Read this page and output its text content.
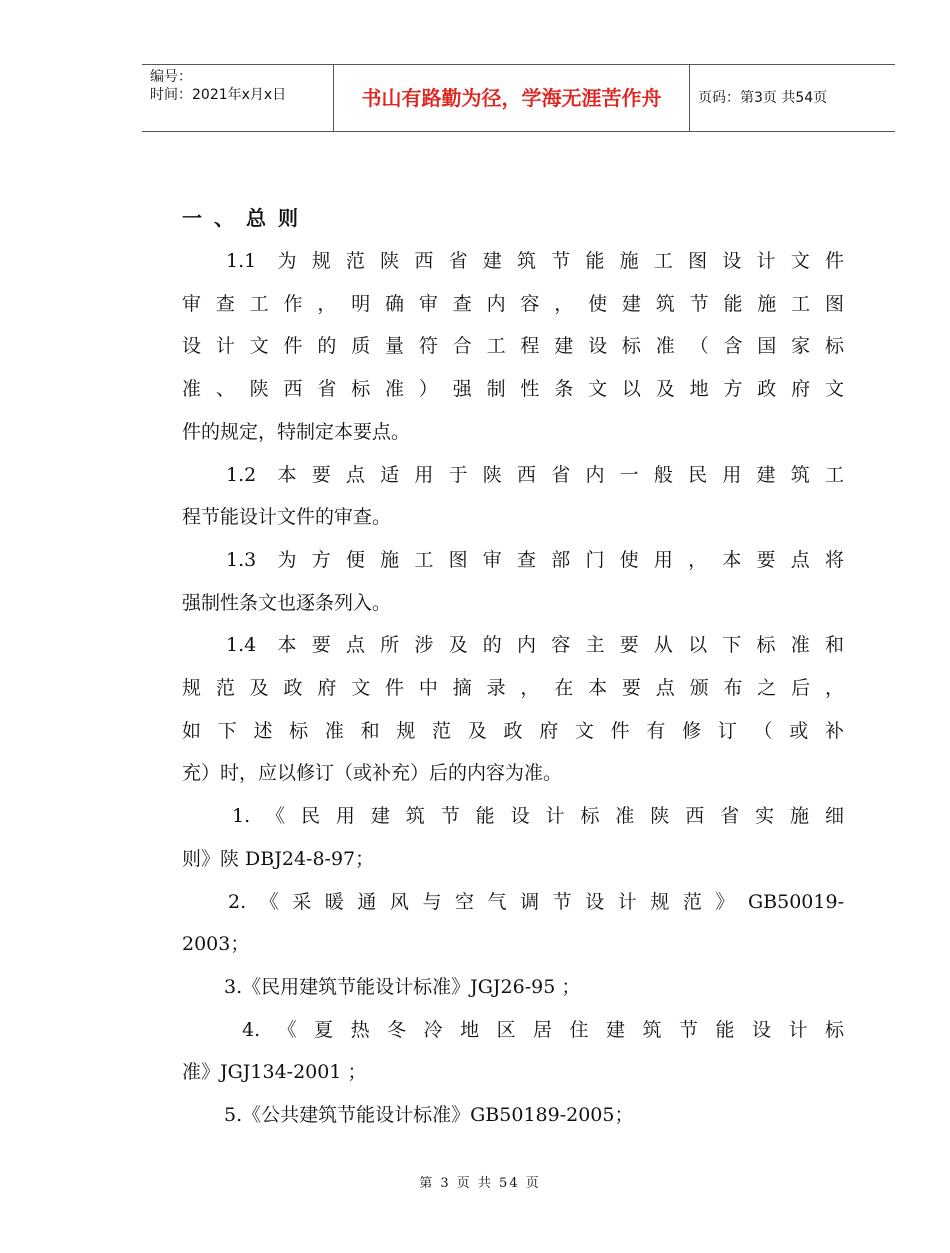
编号：
时间：2021年x月x日	书山有路勤为径，学海无涯苦作舟	页码：第3页 共54页
一、总则
1.1 为规范陕西省建筑节能施工图设计文件
审查工作，明确审查内容，使建筑节能施工图
设计文件的质量符合工程建设标准（含国家标
准、陕西省标准）强制性条文以及地方政府文
件的规定，特制定本要点。
1.2 本要点适用于陕西省内一般民用建筑工
程节能设计文件的审查。
1.3 为方便施工图审查部门使用，本要点将
强制性条文也逐条列入。
1.4 本要点所涉及的内容主要从以下标准和
规范及政府文件中摘录，在本要点颁布之后，
如下述标准和规范及政府文件有修订（或补
充）时，应以修订（或补充）后的内容为准。
1.《民用建筑节能设计标准陕西省实施细
则》陕 DBJ24-8-97；
2.《采暖通风与空气调节设计规范》GB50019-
2003；
3.《民用建筑节能设计标准》JGJ26-95 ；
4.《夏热冬冷地区居住建筑节能设计标
准》JGJ134-2001 ；
5.《公共建筑节能设计标准》GB50189-2005；
第 3 页 共 54 页
